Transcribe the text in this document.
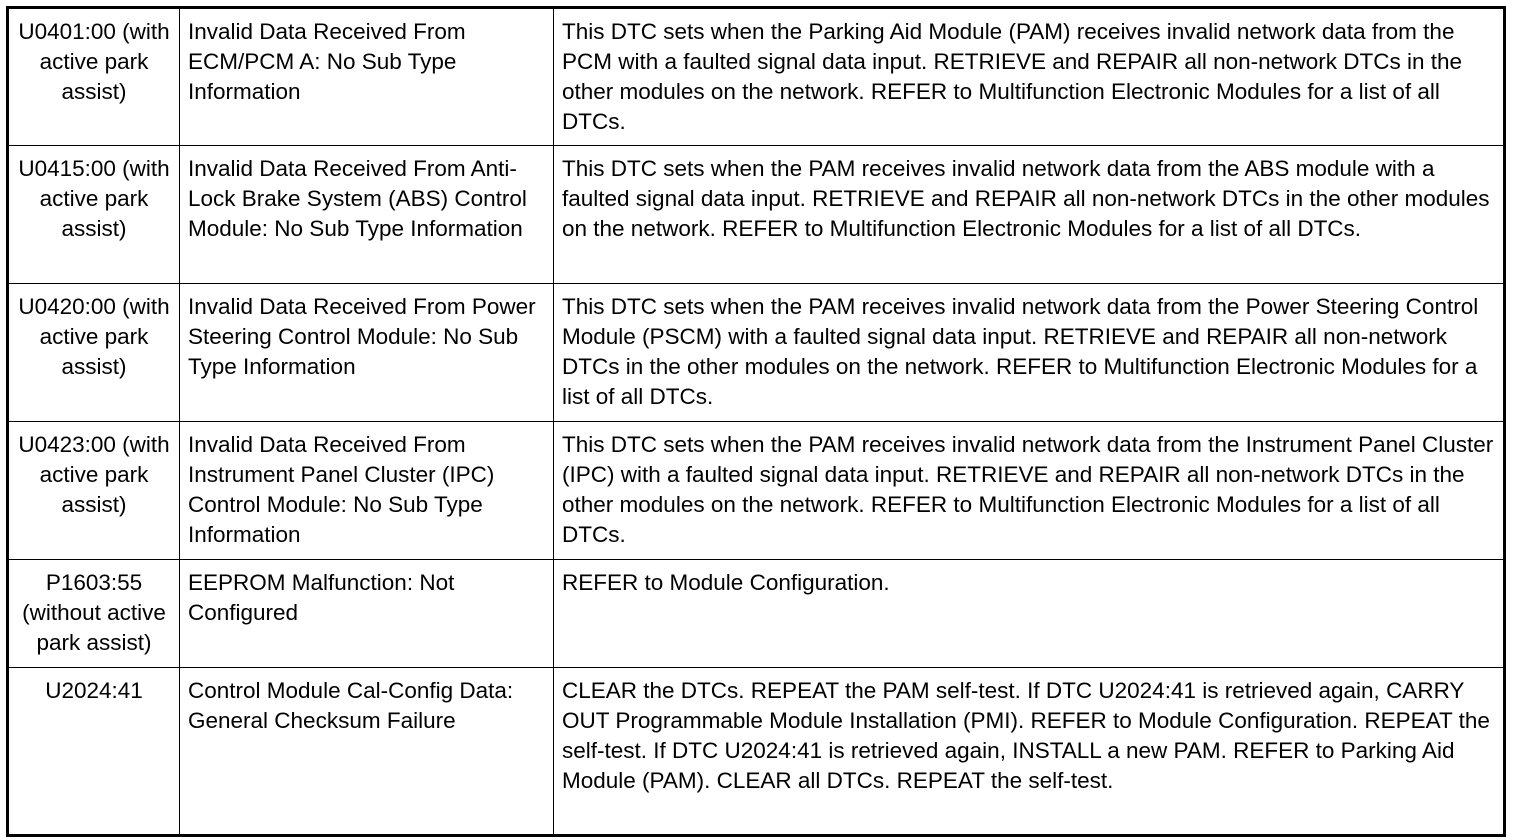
U0401:00 (with active park assist)	Invalid Data Received From ECM/PCM A: No Sub Type Information	This DTC sets when the Parking Aid Module (PAM) receives invalid network data from the PCM with a faulted signal data input. RETRIEVE and REPAIR all non-network DTCs in the other modules on the network. REFER to Multifunction Electronic Modules for a list of all DTCs.
U0415:00 (with active park assist)	Invalid Data Received From Anti-Lock Brake System (ABS) Control Module: No Sub Type Information	This DTC sets when the PAM receives invalid network data from the ABS module with a faulted signal data input. RETRIEVE and REPAIR all non-network DTCs in the other modules on the network. REFER to Multifunction Electronic Modules for a list of all DTCs.
U0420:00 (with active park assist)	Invalid Data Received From Power Steering Control Module: No Sub Type Information	This DTC sets when the PAM receives invalid network data from the Power Steering Control Module (PSCM) with a faulted signal data input. RETRIEVE and REPAIR all non-network DTCs in the other modules on the network. REFER to Multifunction Electronic Modules for a list of all DTCs.
U0423:00 (with active park assist)	Invalid Data Received From Instrument Panel Cluster (IPC) Control Module: No Sub Type Information	This DTC sets when the PAM receives invalid network data from the Instrument Panel Cluster (IPC) with a faulted signal data input. RETRIEVE and REPAIR all non-network DTCs in the other modules on the network. REFER to Multifunction Electronic Modules for a list of all DTCs.
P1603:55 (without active park assist)	EEPROM Malfunction: Not Configured	REFER to Module Configuration.
U2024:41	Control Module Cal-Config Data: General Checksum Failure	CLEAR the DTCs. REPEAT the PAM self-test. If DTC U2024:41 is retrieved again, CARRY OUT Programmable Module Installation (PMI). REFER to Module Configuration. REPEAT the self-test. If DTC U2024:41 is retrieved again, INSTALL a new PAM. REFER to Parking Aid Module (PAM). CLEAR all DTCs. REPEAT the self-test.
